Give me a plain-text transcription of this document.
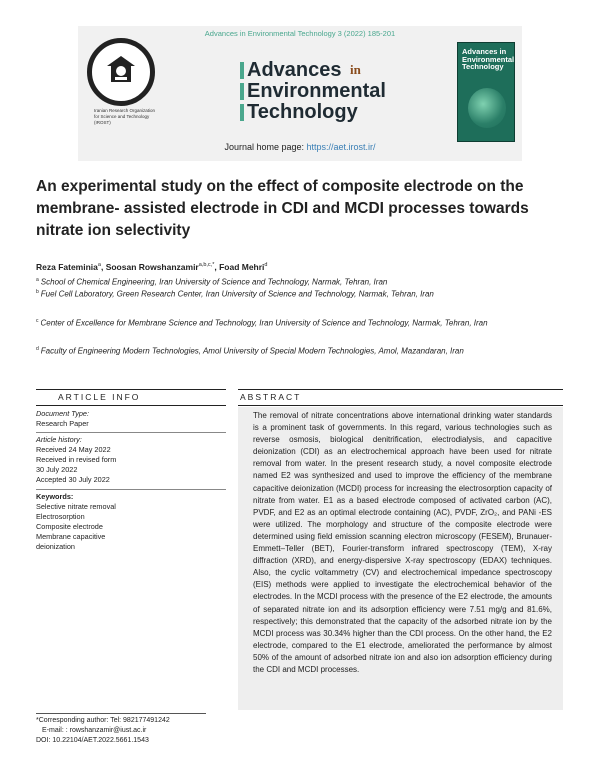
Advances in Environmental Technology 3 (2022) 185-201
Iranian Research Organization
for Science and Technology
(IROST)
Advances
Environmental
Technology
in
Advances in Environmental Technology
Journal home page: https://aet.irost.ir/
An experimental study on the effect of composite electrode on the membrane- assisted electrode in CDI and MCDI processes towards nitrate ion selectivity
Reza Fateminia$^a$, Soosan Rowshanzamir$^{a,b,c,*}$, Foad Mehri$^d$
$^a$ School of Chemical Engineering, Iran University of Science and Technology, Narmak, Tehran, Iran
$^b$ Fuel Cell Laboratory, Green Research Center, Iran University of Science and Technology, Narmak, Tehran, Iran
$^c$ Center of Excellence for Membrane Science and Technology, Iran University of Science and Technology, Narmak, Tehran, Iran
$^d$ Faculty of Engineering Modern Technologies, Amol University of Special Modern Technologies, Amol, Mazandaran, Iran
ARTICLE INFO	ABSTRACT
Document Type:
Research Paper
Article history:
Received 24 May 2022
Received in revised form
30 July 2022
Accepted 30 July 2022
Keywords:
Selective nitrate removal
Electrosorption
Composite electrode
Membrane capacitive
deionization
The removal of nitrate concentrations above international drinking water standards is a prominent task of governments. In this regard, various technologies such as reverse osmosis, biological denitrification, electrodialysis, and capacitive deionization (CDI) as an electrochemical approach have been used for nitrate removal from water. In the present research study, a novel composite electrode named E2 was synthesized and used to improve the efficiency of the membrane capacitive deionization (MCDI) process for increasing the electrosorption capacity of nitrate from water. E1 as a based electrode composed of activated carbon (AC), PVDF, and E2 as an optimal electrode containing (AC), PVDF, ZrO₂, and PANi -ES were utilized. The morphology and structure of the composite electrode were determined using field emission scanning electron microscopy (FESEM), Brunauer-Emmett–Teller (BET), Fourier-transform infrared spectroscopy (TEM), X-ray diffraction (XRD), and energy-dispersive X-ray spectroscopy (EDAX) techniques. Also, the cyclic voltammetry (CV) and electrochemical impedance spectroscopy (EIS) methods were applied to investigate the electrochemical behavior of the electrodes. In the MCDI process with the presence of the E2 electrode, the amounts of separated nitrate ion and its adsorption efficiency were 7.51 mg/g and 81.6%, respectively; this demonstrated that the capacity of the adsorbed nitrate ion by the MCDI process was 30.34% higher than the CDI process. On the other hand, the E2 electrode, compared to the E1 electrode, ameliorated the performance by almost 50% of the amount of adsorbed nitrate ion and also ion adsorption efficiency during the CDI and MCDI processes.
*Corresponding author: Tel: 982177491242
E-mail: : rowshanzamir@iust.ac.ir
DOI: 10.22104/AET.2022.5661.1543
